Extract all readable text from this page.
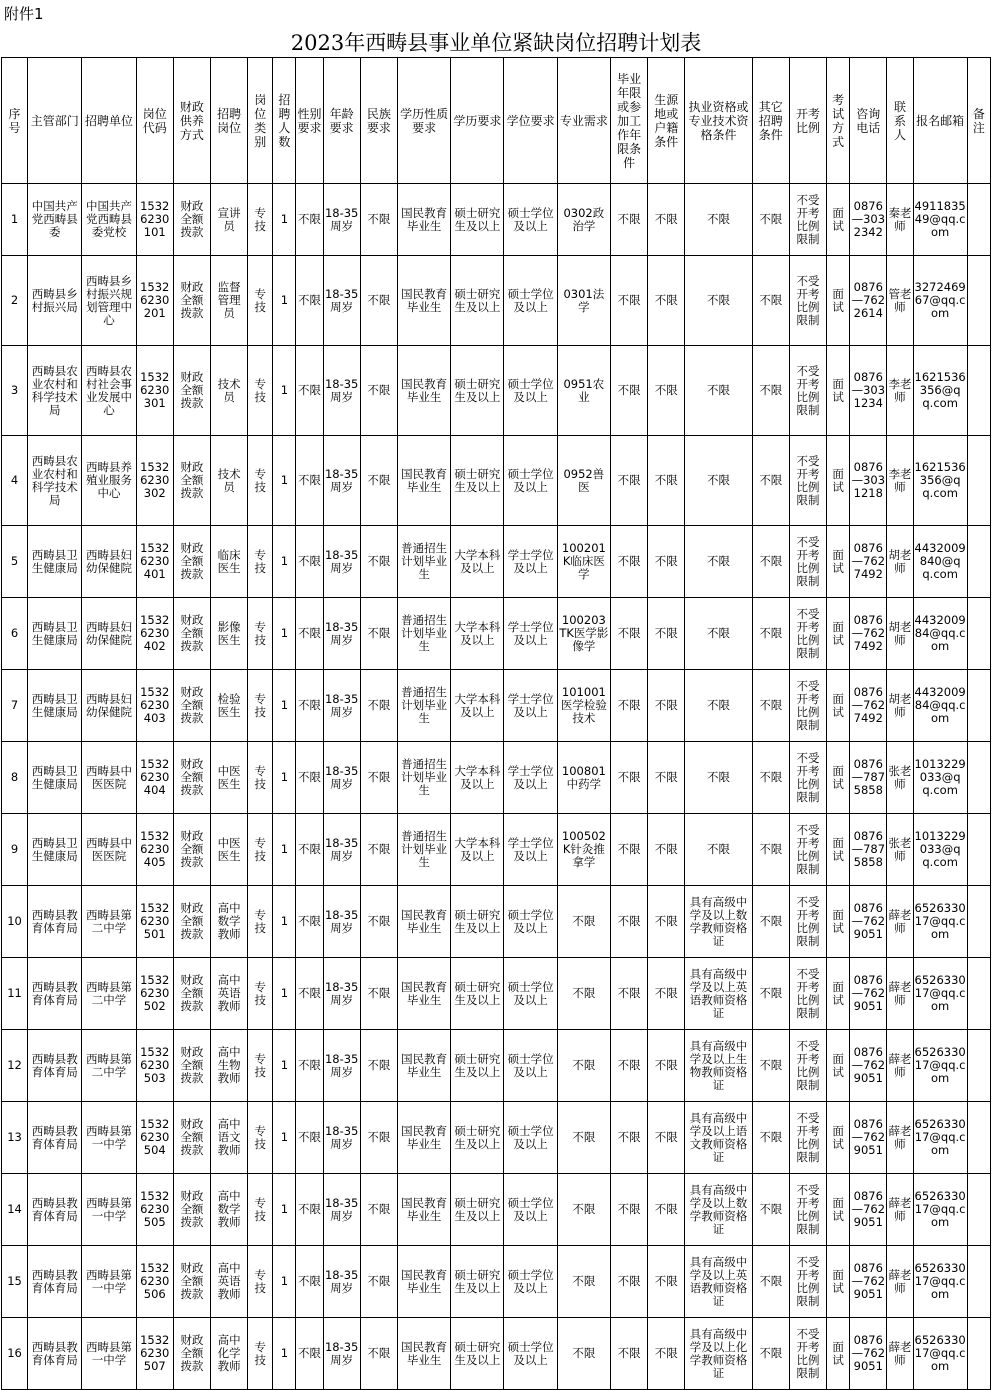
附件1
2023年西畴县事业单位紧缺岗位招聘计划表
序号	主管部门	招聘单位	岗位代码	财政供养方式	招聘岗位	岗位类别	招聘人数	性别要求	年龄要求	民族要求	学历性质要求	学历要求	学位要求	专业需求	毕业年限或参加工作年限条件	生源地或户籍条件	执业资格或专业技术资格条件	其它招聘条件	开考比例	考试方式	咨询电话	联系人	报名邮箱	备注
1	中国共产党西畴县委	中国共产党西畴县委党校	15326230101	财政全额拨款	宣讲员	专技	1	不限	18-35周岁	不限	国民教育毕业生	硕士研究生及以上	硕士学位及以上	0302政治学	不限	不限	不限	不限	不受开考比例限制	面试	0876—3032342	秦老师	491183549@qq.com	
2	西畴县乡村振兴局	西畴县乡村振兴规划管理中心	15326230201	财政全额拨款	监督管理员	专技	1	不限	18-35周岁	不限	国民教育毕业生	硕士研究生及以上	硕士学位及以上	0301法学	不限	不限	不限	不限	不受开考比例限制	面试	0876—7622614	管老师	327246967@qq.com	
3	西畴县农业农村和科学技术局	西畴县农村社会事业发展中心	15326230301	财政全额拨款	技术员	专技	1	不限	18-35周岁	不限	国民教育毕业生	硕士研究生及以上	硕士学位及以上	0951农业	不限	不限	不限	不限	不受开考比例限制	面试	0876—3031234	李老师	1621536356@qq.com	
4	西畴县农业农村和科学技术局	西畴县养殖业服务中心	15326230302	财政全额拨款	技术员	专技	1	不限	18-35周岁	不限	国民教育毕业生	硕士研究生及以上	硕士学位及以上	0952兽医	不限	不限	不限	不限	不受开考比例限制	面试	0876—3031218	李老师	1621536356@qq.com	
5	西畴县卫生健康局	西畴县妇幼保健院	15326230401	财政全额拨款	临床医生	专技	1	不限	18-35周岁	不限	普通招生计划毕业生	大学本科及以上	学士学位及以上	100201K临床医学	不限	不限	不限	不限	不受开考比例限制	面试	0876—7627492	胡老师	4432009840@qq.com	
6	西畴县卫生健康局	西畴县妇幼保健院	15326230402	财政全额拨款	影像医生	专技	1	不限	18-35周岁	不限	普通招生计划毕业生	大学本科及以上	学士学位及以上	100203TK医学影像学	不限	不限	不限	不限	不受开考比例限制	面试	0876—7627492	胡老师	443200984@qq.com	
7	西畴县卫生健康局	西畴县妇幼保健院	15326230403	财政全额拨款	检验医生	专技	1	不限	18-35周岁	不限	普通招生计划毕业生	大学本科及以上	学士学位及以上	101001医学检验技术	不限	不限	不限	不限	不受开考比例限制	面试	0876—7627492	胡老师	443200984@qq.com	
8	西畴县卫生健康局	西畴县中医医院	15326230404	财政全额拨款	中医医生	专技	1	不限	18-35周岁	不限	普通招生计划毕业生	大学本科及以上	学士学位及以上	100801中药学	不限	不限	不限	不限	不受开考比例限制	面试	0876—7875858	张老师	1013229033@qq.com	
9	西畴县卫生健康局	西畴县中医医院	15326230405	财政全额拨款	中医医生	专技	1	不限	18-35周岁	不限	普通招生计划毕业生	大学本科及以上	学士学位及以上	100502K针灸推拿学	不限	不限	不限	不限	不受开考比例限制	面试	0876—7875858	张老师	1013229033@qq.com	
10	西畴县教育体育局	西畴县第二中学	15326230501	财政全额拨款	高中数学教师	专技	1	不限	18-35周岁	不限	国民教育毕业生	硕士研究生及以上	硕士学位及以上	不限	不限	不限	具有高级中学及以上数学教师资格证	不限	不受开考比例限制	面试	0876—7629051	薛老师	652633017@qq.com	
11	西畴县教育体育局	西畴县第二中学	15326230502	财政全额拨款	高中英语教师	专技	1	不限	18-35周岁	不限	国民教育毕业生	硕士研究生及以上	硕士学位及以上	不限	不限	不限	具有高级中学及以上英语教师资格证	不限	不受开考比例限制	面试	0876—7629051	薛老师	652633017@qq.com	
12	西畴县教育体育局	西畴县第二中学	15326230503	财政全额拨款	高中生物教师	专技	1	不限	18-35周岁	不限	国民教育毕业生	硕士研究生及以上	硕士学位及以上	不限	不限	不限	具有高级中学及以上生物教师资格证	不限	不受开考比例限制	面试	0876—7629051	薛老师	652633017@qq.com	
13	西畴县教育体育局	西畴县第一中学	15326230504	财政全额拨款	高中语文教师	专技	1	不限	18-35周岁	不限	国民教育毕业生	硕士研究生及以上	硕士学位及以上	不限	不限	不限	具有高级中学及以上语文教师资格证	不限	不受开考比例限制	面试	0876—7629051	薛老师	652633017@qq.com	
14	西畴县教育体育局	西畴县第一中学	15326230505	财政全额拨款	高中数学教师	专技	1	不限	18-35周岁	不限	国民教育毕业生	硕士研究生及以上	硕士学位及以上	不限	不限	不限	具有高级中学及以上数学教师资格证	不限	不受开考比例限制	面试	0876—7629051	薛老师	652633017@qq.com	
15	西畴县教育体育局	西畴县第一中学	15326230506	财政全额拨款	高中英语教师	专技	1	不限	18-35周岁	不限	国民教育毕业生	硕士研究生及以上	硕士学位及以上	不限	不限	不限	具有高级中学及以上英语教师资格证	不限	不受开考比例限制	面试	0876—7629051	薛老师	652633017@qq.com	
16	西畴县教育体育局	西畴县第一中学	15326230507	财政全额拨款	高中化学教师	专技	1	不限	18-35周岁	不限	国民教育毕业生	硕士研究生及以上	硕士学位及以上	不限	不限	不限	具有高级中学及以上化学教师资格证	不限	不受开考比例限制	面试	0876—7629051	薛老师	652633017@qq.com	
